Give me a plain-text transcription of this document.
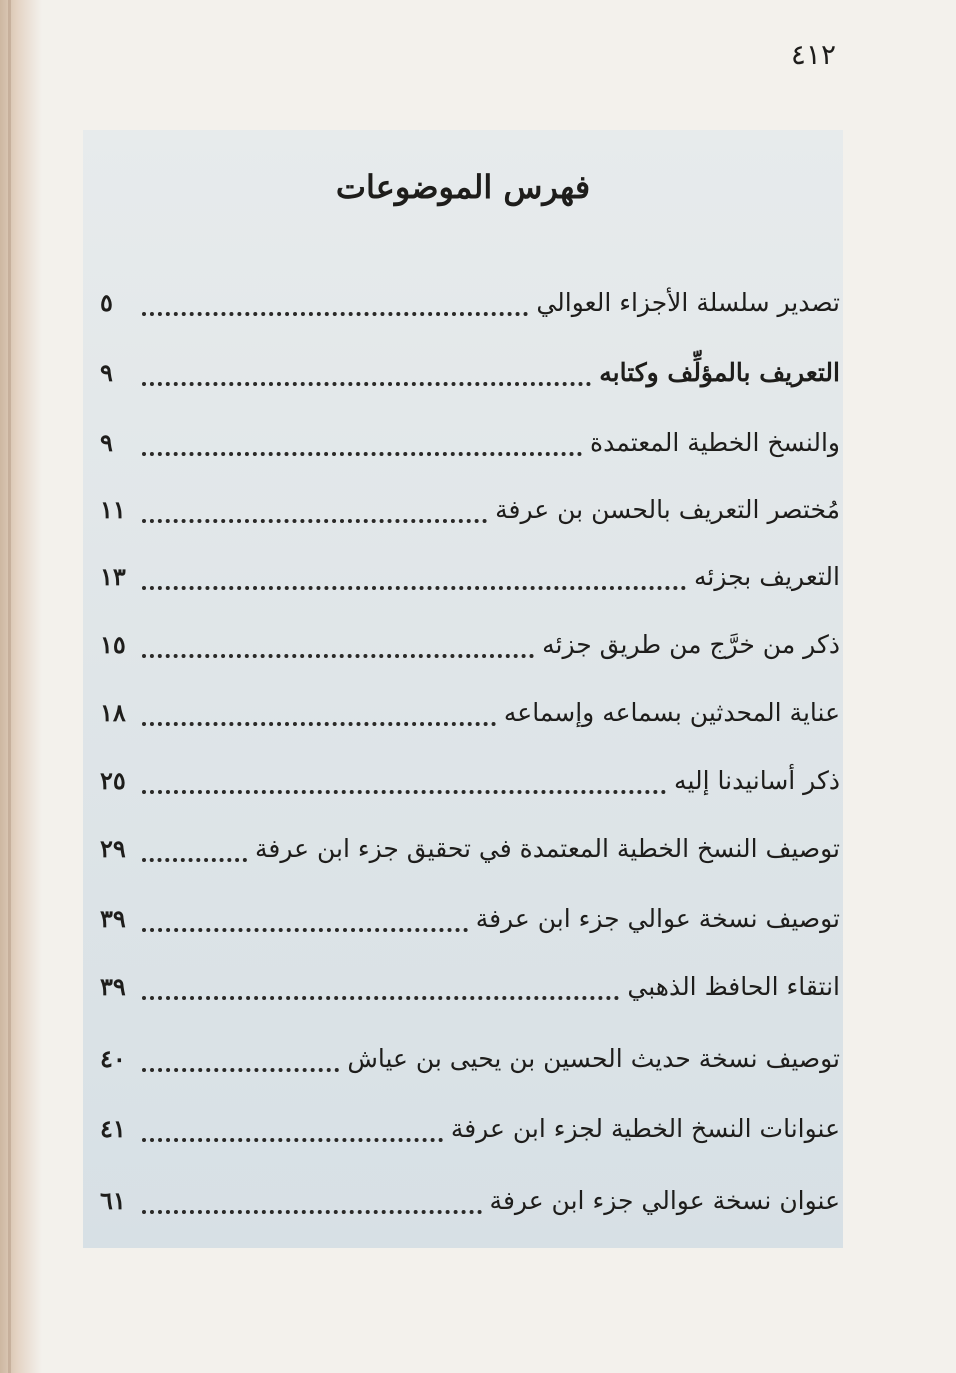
٤١٢
فهرس الموضوعات
تصدير سلسلة الأجزاء العوالي
٥
التعريف بالمؤلِّف وكتابه
٩
والنسخ الخطية المعتمدة
٩
مُختصر التعريف بالحسن بن عرفة
١١
التعريف بجزئه
١٣
ذكر من خرَّج من طريق جزئه
١٥
عناية المحدثين بسماعه وإسماعه
١٨
ذكر أسانيدنا إليه
٢٥
توصيف النسخ الخطية المعتمدة في تحقيق جزء ابن عرفة
٢٩
توصيف نسخة عوالي جزء ابن عرفة
٣٩
انتقاء الحافظ الذهبي
٣٩
توصيف نسخة حديث الحسين بن يحيى بن عياش
٤٠
عنوانات النسخ الخطية لجزء ابن عرفة
٤١
عنوان نسخة عوالي جزء ابن عرفة
٦١
